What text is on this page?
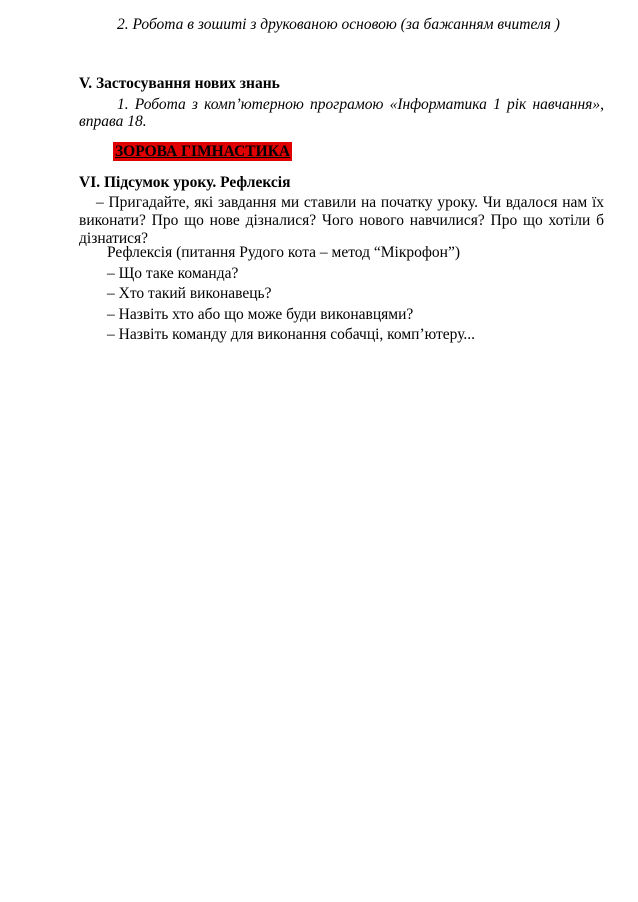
2. Робота в зошиті з друкованою основою (за бажанням вчителя )
V. Застосування нових знань
1. Робота з комп’ютерною програмою «Інформатика 1 рік навчання»,
вправа 18.
ЗОРОВА ГІМНАСТИКА
VI. Підсумок уроку. Рефлексія
– Пригадайте, які завдання ми ставили на початку уроку. Чи вдалося нам їх
виконати? Про що нове дізналися? Чого нового навчилися? Про що хотіли б
дізнатися?
Рефлексія (питання Рудого кота – метод “Мікрофон”)
– Що таке команда?
– Хто такий виконавець?
– Назвіть хто або що може буди виконавцями?
– Назвіть команду для виконання собачці, комп’ютеру...
